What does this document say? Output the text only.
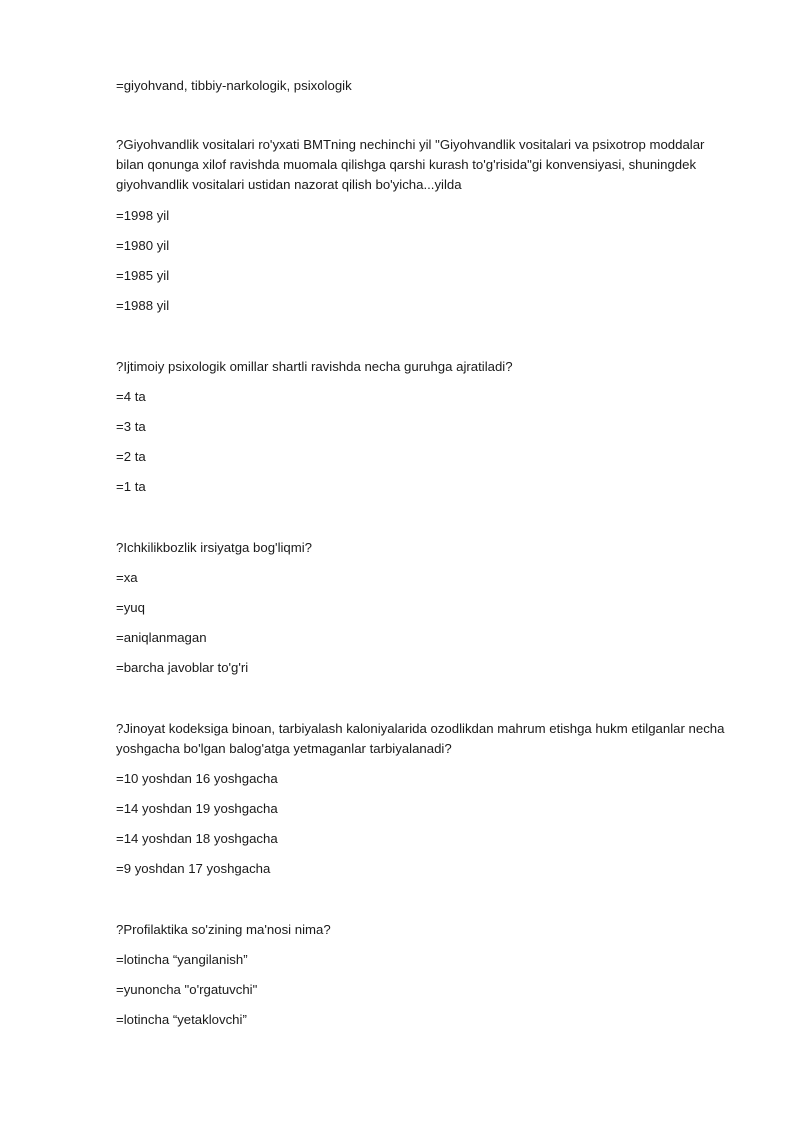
=giyohvand, tibbiy-narkologik, psixologik
?Giyohvandlik vositalari ro'yxati BMTning nechinchi yil "Giyohvandlik vositalari va psixotrop moddalar
bilan qonunga xilof ravishda muomala qilishga qarshi kurash to'g'risida"gi konvensiyasi, shuningdek
giyohvandlik vositalari ustidan nazorat qilish bo'yicha...yilda
=1998 yil
=1980 yil
=1985 yil
=1988 yil
?Ijtimoiy psixologik omillar shartli ravishda necha guruhga ajratiladi?
=4 ta
=3 ta
=2 ta
=1 ta
?Ichkilikbozlik irsiyatga bog'liqmi?
=xa
=yuq
=aniqlanmagan
=barcha javoblar to'g'ri
?Jinoyat kodeksiga binoan, tarbiyalash kaloniyalarida ozodlikdan mahrum etishga hukm etilganlar necha
yoshgacha bo'lgan balog'atga yetmaganlar tarbiyalanadi?
=10 yoshdan 16 yoshgacha
=14 yoshdan 19 yoshgacha
=14 yoshdan 18 yoshgacha
=9 yoshdan 17 yoshgacha
?Profilaktika so'zining ma'nosi nima?
=lotincha “yangilanish”
=yunoncha "o'rgatuvchi"
=lotincha “yetaklovchi”
